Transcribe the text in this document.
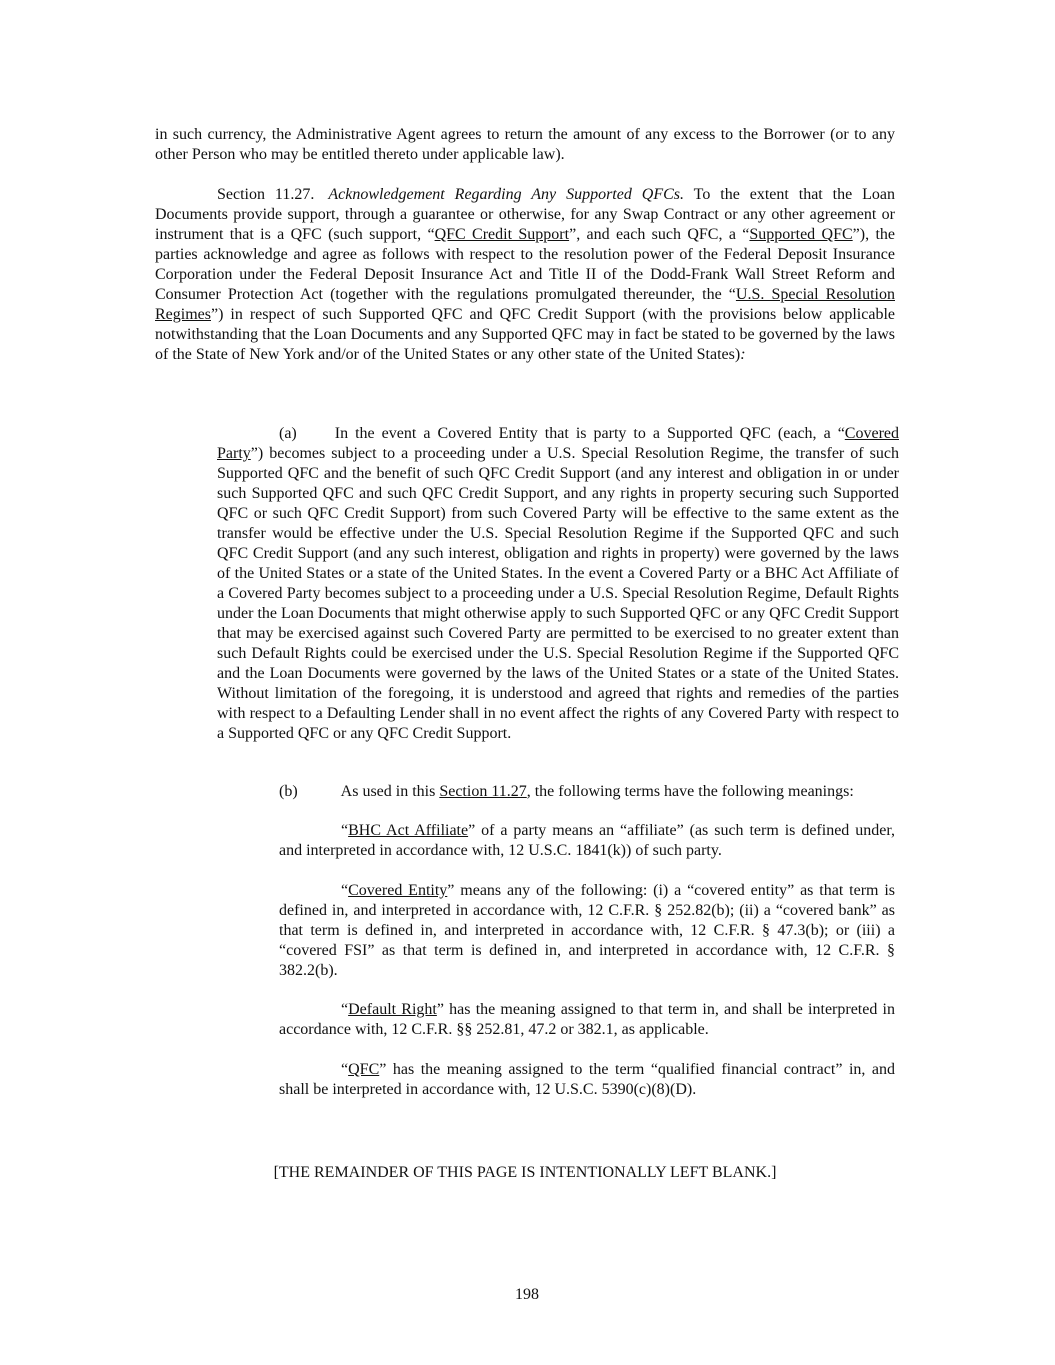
in such currency, the Administrative Agent agrees to return the amount of any excess to the Borrower (or to any other Person who may be entitled thereto under applicable law).

Section 11.27. Acknowledgement Regarding Any Supported QFCs. To the extent that the Loan Documents provide support, through a guarantee or otherwise, for any Swap Contract or any other agreement or instrument that is a QFC (such support, “QFC Credit Support”, and each such QFC, a “Supported QFC”), the parties acknowledge and agree as follows with respect to the resolution power of the Federal Deposit Insurance Corporation under the Federal Deposit Insurance Act and Title II of the Dodd-Frank Wall Street Reform and Consumer Protection Act (together with the regulations promulgated thereunder, the “U.S. Special Resolution Regimes”) in respect of such Supported QFC and QFC Credit Support (with the provisions below applicable notwithstanding that the Loan Documents and any Supported QFC may in fact be stated to be governed by the laws of the State of New York and/or of the United States or any other state of the United States):

(a) In the event a Covered Entity that is party to a Supported QFC (each, a “Covered Party”) becomes subject to a proceeding under a U.S. Special Resolution Regime, the transfer of such Supported QFC and the benefit of such QFC Credit Support (and any interest and obligation in or under such Supported QFC and such QFC Credit Support, and any rights in property securing such Supported QFC or such QFC Credit Support) from such Covered Party will be effective to the same extent as the transfer would be effective under the U.S. Special Resolution Regime if the Supported QFC and such QFC Credit Support (and any such interest, obligation and rights in property) were governed by the laws of the United States or a state of the United States. In the event a Covered Party or a BHC Act Affiliate of a Covered Party becomes subject to a proceeding under a U.S. Special Resolution Regime, Default Rights under the Loan Documents that might otherwise apply to such Supported QFC or any QFC Credit Support that may be exercised against such Covered Party are permitted to be exercised to no greater extent than such Default Rights could be exercised under the U.S. Special Resolution Regime if the Supported QFC and the Loan Documents were governed by the laws of the United States or a state of the United States. Without limitation of the foregoing, it is understood and agreed that rights and remedies of the parties with respect to a Defaulting Lender shall in no event affect the rights of any Covered Party with respect to a Supported QFC or any QFC Credit Support.

(b)	As used in this Section 11.27, the following terms have the following meanings:

“BHC Act Affiliate” of a party means an “affiliate” (as such term is defined under, and interpreted in accordance with, 12 U.S.C. 1841(k)) of such party.

“Covered Entity” means any of the following: (i) a “covered entity” as that term is defined in, and interpreted in accordance with, 12 C.F.R. § 252.82(b); (ii) a “covered bank” as that term is defined in, and interpreted in accordance with, 12 C.F.R. § 47.3(b); or (iii) a “covered FSI” as that term is defined in, and interpreted in accordance with, 12 C.F.R. § 382.2(b).

“Default Right” has the meaning assigned to that term in, and shall be interpreted in accordance with, 12 C.F.R. §§ 252.81, 47.2 or 382.1, as applicable.

“QFC” has the meaning assigned to the term “qualified financial contract” in, and shall be interpreted in accordance with, 12 U.S.C. 5390(c)(8)(D).

[THE REMAINDER OF THIS PAGE IS INTENTIONALLY LEFT BLANK.]

198
